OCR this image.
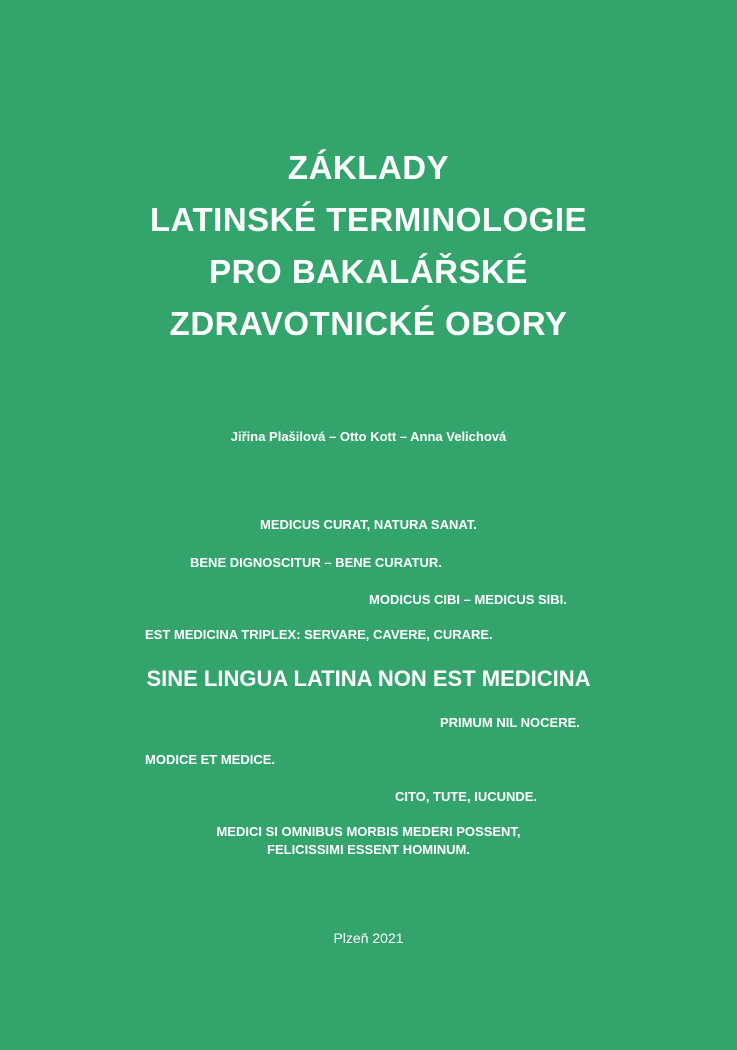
ZÁKLADY
LATINSKÉ TERMINOLOGIE
PRO BAKALÁŘSKÉ
ZDRAVOTNICKÉ OBORY
Jiřina Plašilová – Otto Kott – Anna Velichová
MEDICUS CURAT, NATURA SANAT.
BENE DIGNOSCITUR – BENE CURATUR.
MODICUS CIBI – MEDICUS SIBI.
EST MEDICINA TRIPLEX: SERVARE, CAVERE, CURARE.
SINE LINGUA LATINA NON EST MEDICINA
PRIMUM NIL NOCERE.
MODICE ET MEDICE.
CITO, TUTE, IUCUNDE.
MEDICI SI OMNIBUS MORBIS MEDERI POSSENT,
FELICISSIMI ESSENT HOMINUM.
Plzeň 2021
